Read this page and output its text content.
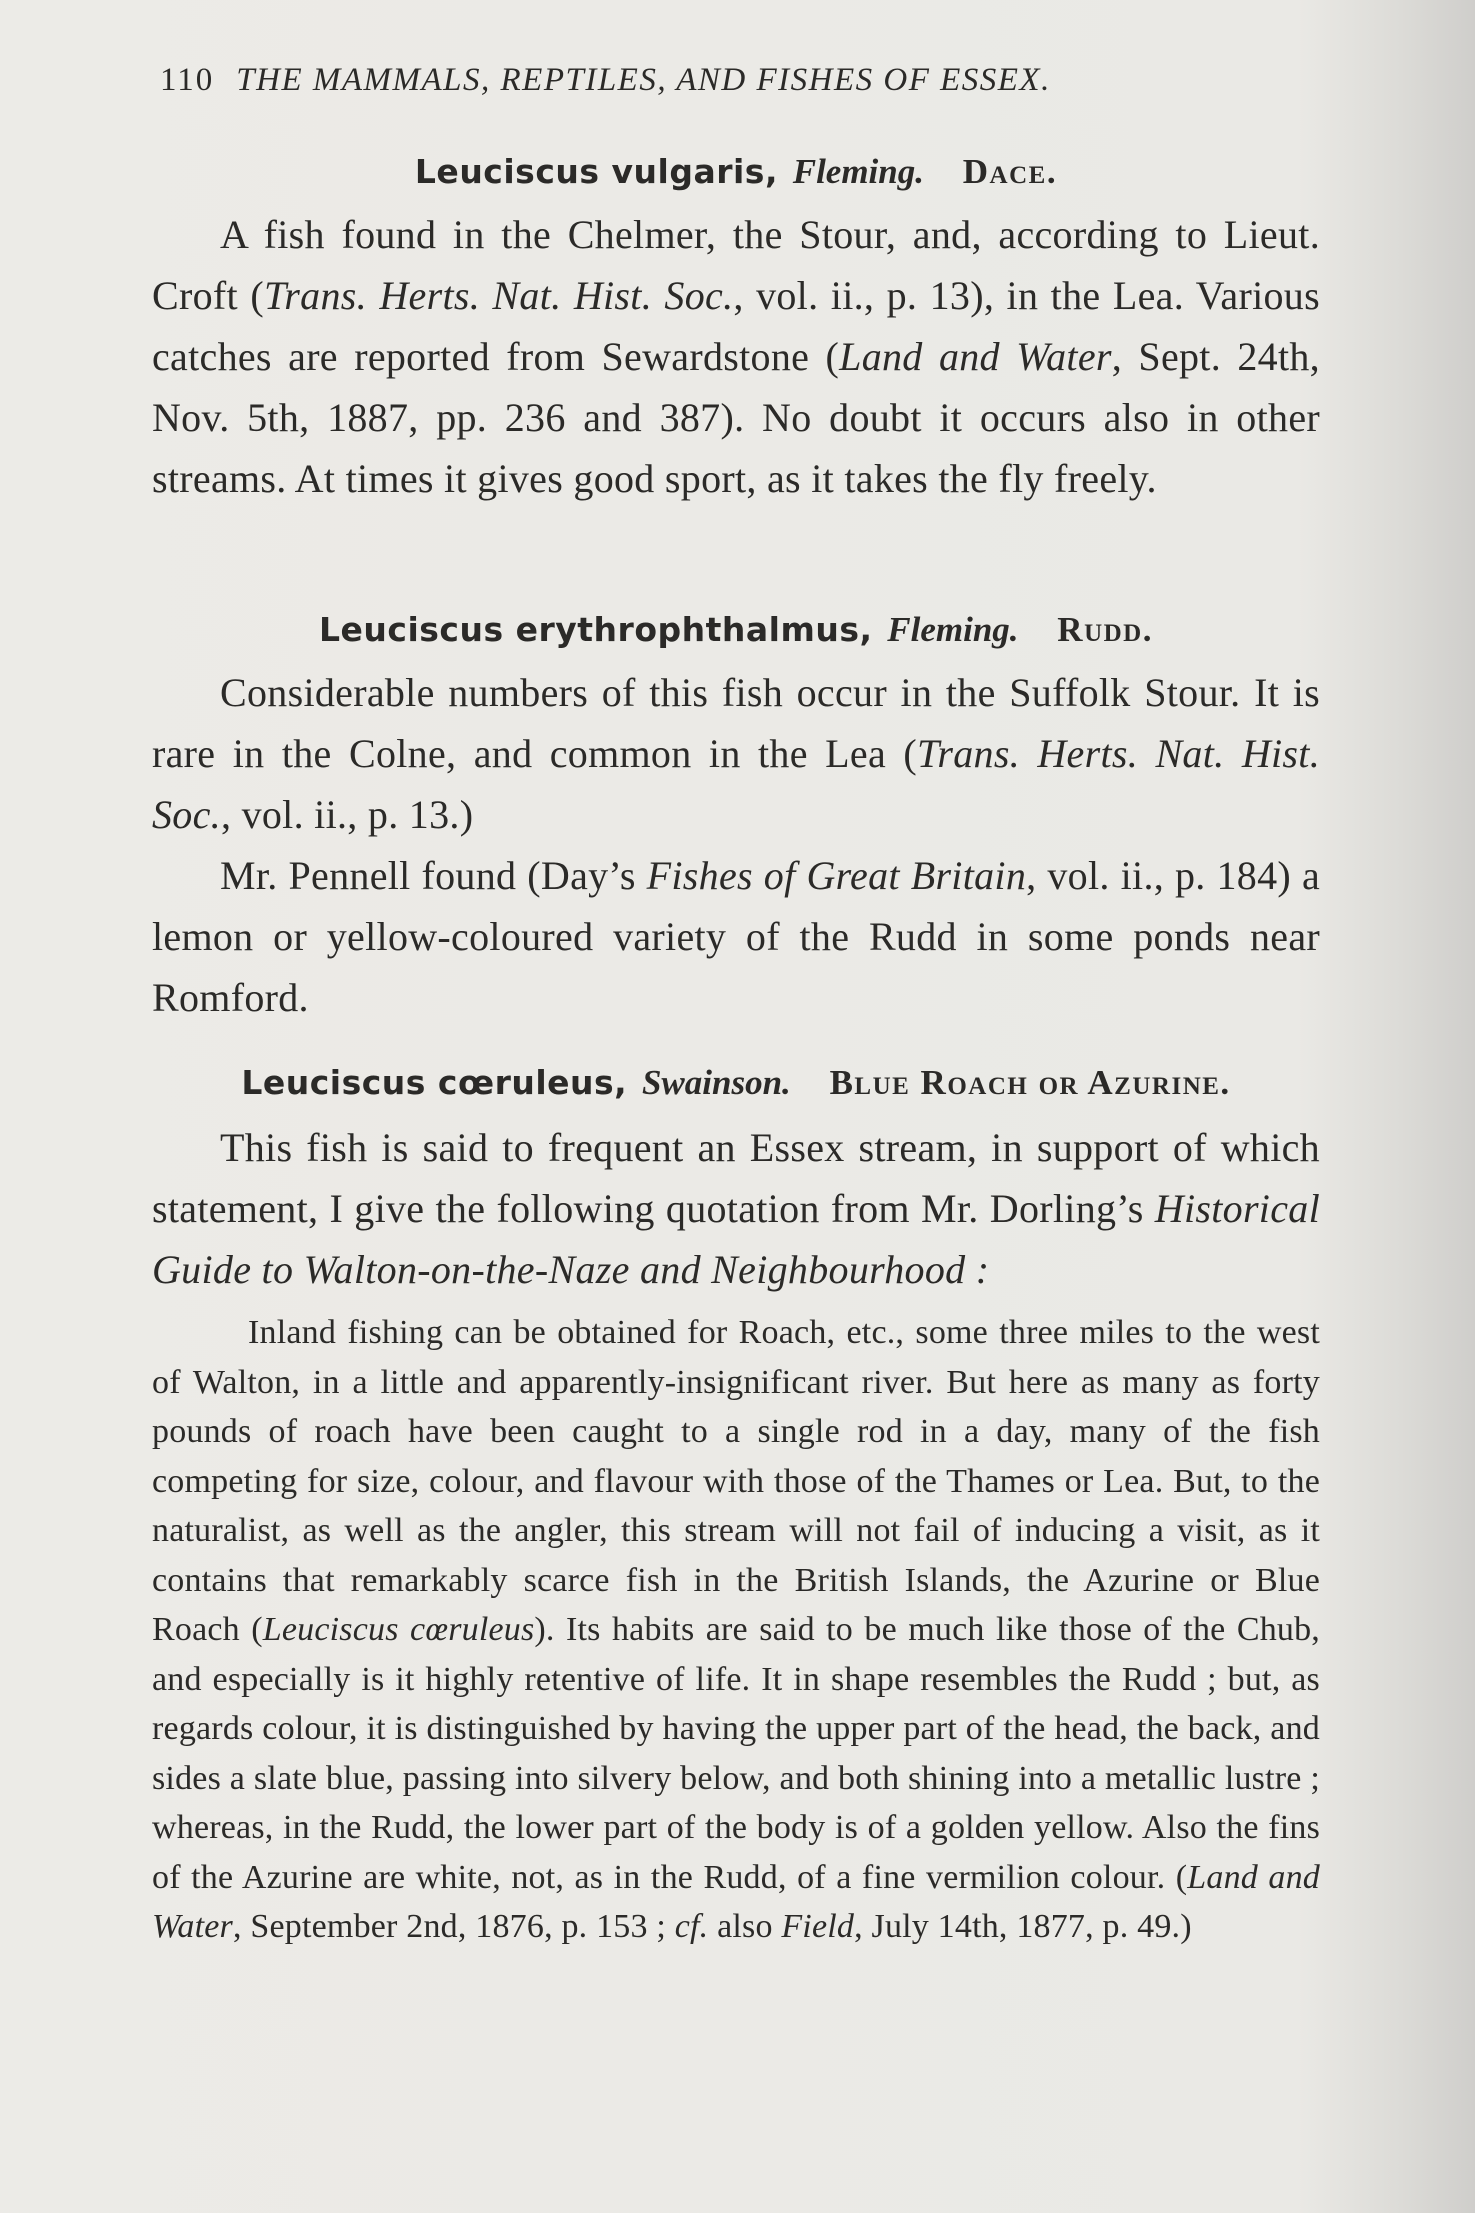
110 THE MAMMALS, REPTILES, AND FISHES OF ESSEX.
Leuciscus vulgaris, Fleming. Dace.

A fish found in the Chelmer, the Stour, and, according to Lieut. Croft (Trans. Herts. Nat. Hist. Soc., vol. ii., p. 13), in the Lea. Various catches are reported from Sewardstone (Land and Water, Sept. 24th, Nov. 5th, 1887, pp. 236 and 387). No doubt it occurs also in other streams. At times it gives good sport, as it takes the fly freely.

Leuciscus erythrophthalmus, Fleming. Rudd.

Considerable numbers of this fish occur in the Suffolk Stour. It is rare in the Colne, and common in the Lea (Trans. Herts. Nat. Hist. Soc., vol. ii., p. 13.)

Mr. Pennell found (Day’s Fishes of Great Britain, vol. ii., p. 184) a lemon or yellow-coloured variety of the Rudd in some ponds near Romford.

Leuciscus cœruleus, Swainson. Blue Roach or Azurine.

This fish is said to frequent an Essex stream, in support of which statement, I give the following quotation from Mr. Dorling’s Historical Guide to Walton-on-the-Naze and Neighbourhood :

Inland fishing can be obtained for Roach, etc., some three miles to the west of Walton, in a little and apparently-insignificant river. But here as many as forty pounds of roach have been caught to a single rod in a day, many of the fish competing for size, colour, and flavour with those of the Thames or Lea. But, to the naturalist, as well as the angler, this stream will not fail of inducing a visit, as it contains that remarkably scarce fish in the British Islands, the Azurine or Blue Roach (Leuciscus cœruleus). Its habits are said to be much like those of the Chub, and especially is it highly retentive of life. It in shape resembles the Rudd ; but, as regards colour, it is distinguished by having the upper part of the head, the back, and sides a slate blue, passing into silvery below, and both shining into a metallic lustre ; whereas, in the Rudd, the lower part of the body is of a golden yellow. Also the fins of the Azurine are white, not, as in the Rudd, of a fine vermilion colour. (Land and Water, September 2nd, 1876, p. 153 ; cf. also Field, July 14th, 1877, p. 49.)
